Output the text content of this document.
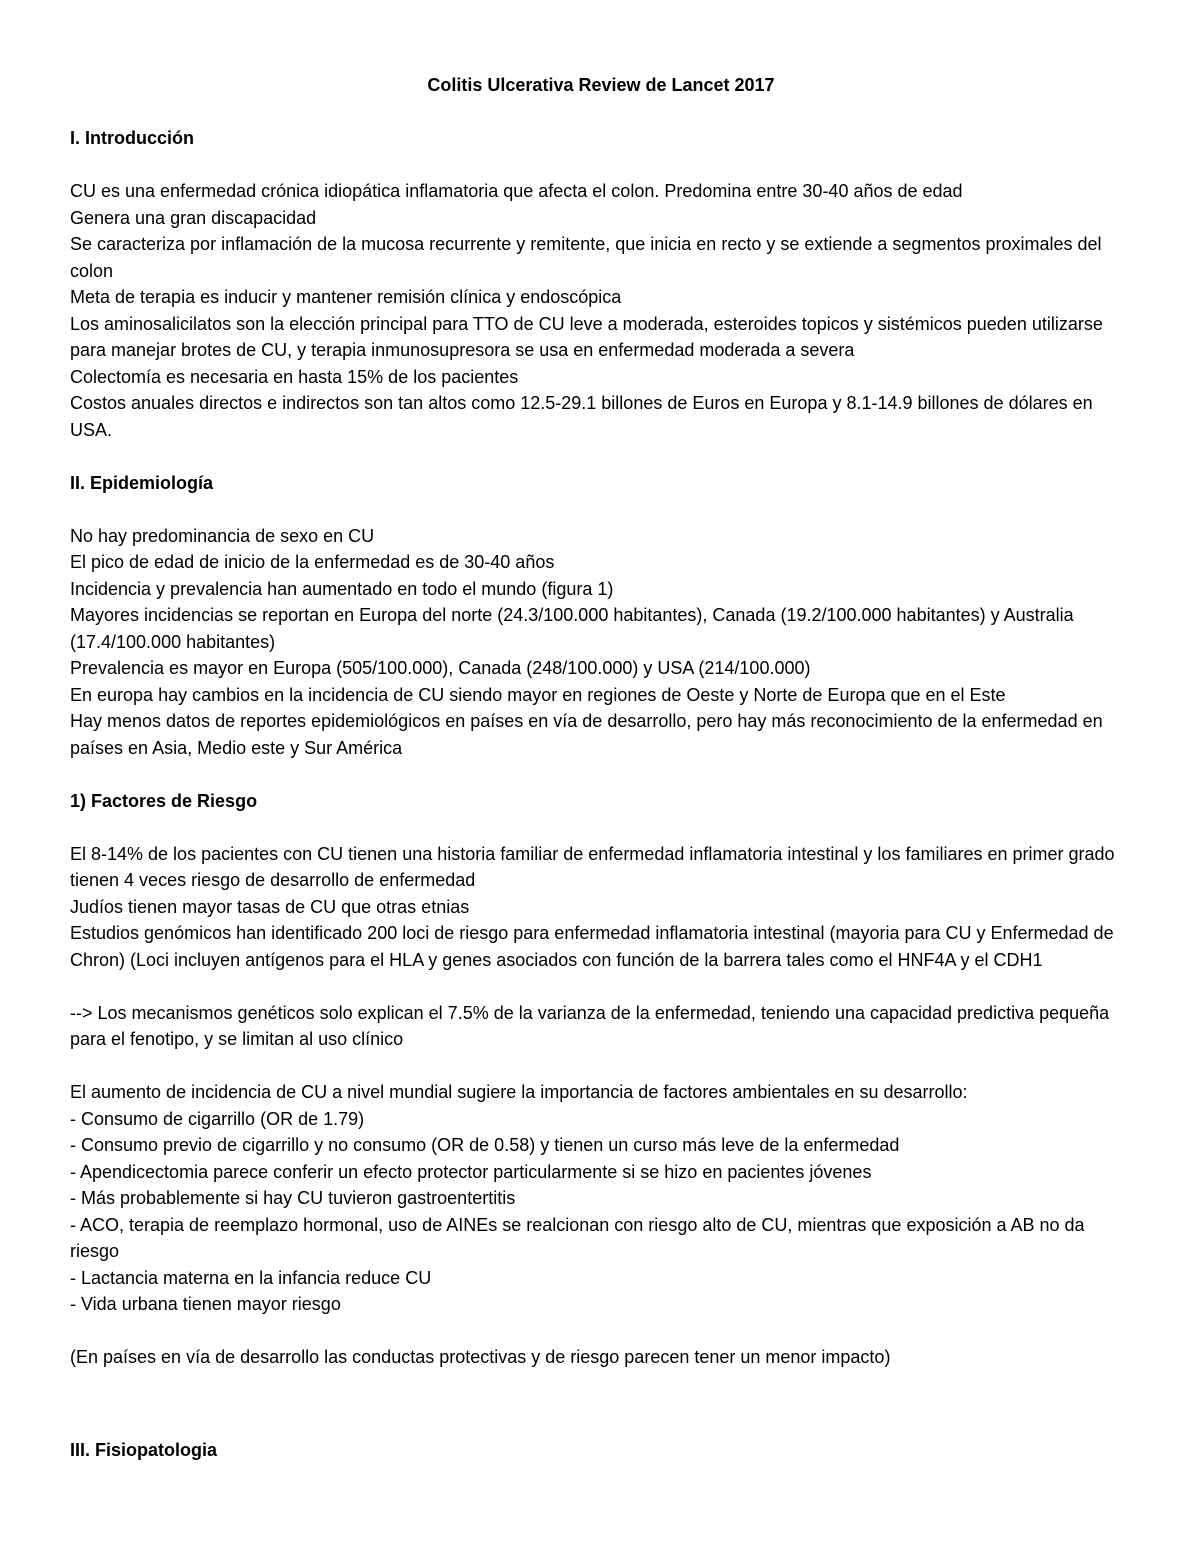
Colitis Ulcerativa Review de Lancet 2017

I. Introducción

CU es una enfermedad crónica idiopática inflamatoria que afecta el colon. Predomina entre 30-40 años de edad

Genera una gran discapacidad

Se caracteriza por inflamación de la mucosa recurrente y remitente, que inicia en recto y se extiende a segmentos proximales del colon

Meta de terapia es inducir y mantener remisión clínica y endoscópica

Los aminosalicilatos son la elección principal para TTO de CU leve a moderada, esteroides topicos y sistémicos pueden utilizarse para manejar brotes de CU, y terapia inmunosupresora se usa en enfermedad moderada a severa

Colectomía es necesaria en hasta 15% de los pacientes

Costos anuales directos e indirectos son tan altos como 12.5-29.1 billones de Euros en Europa y 8.1-14.9 billones de dólares en USA.

II. Epidemiología

No hay predominancia de sexo en CU

El pico de edad de inicio de la enfermedad es de 30-40 años

Incidencia y prevalencia han aumentado en todo el mundo (figura 1)

Mayores incidencias se reportan en Europa del norte (24.3/100.000 habitantes), Canada (19.2/100.000 habitantes) y Australia (17.4/100.000 habitantes)

Prevalencia es mayor en Europa (505/100.000), Canada (248/100.000) y USA (214/100.000)

En europa hay cambios en la incidencia de CU siendo mayor en regiones de Oeste y Norte de Europa que en el Este

Hay menos datos de reportes epidemiológicos en países en vía de desarrollo, pero hay más reconocimiento de la enfermedad en países en Asia, Medio este y Sur América

1) Factores de Riesgo

El 8-14% de los pacientes con CU tienen una historia familiar de enfermedad inflamatoria intestinal y los familiares en primer grado tienen 4 veces riesgo de desarrollo de enfermedad

Judíos tienen mayor tasas de CU que otras etnias

Estudios genómicos han identificado 200 loci de riesgo para enfermedad inflamatoria intestinal (mayoria para CU y Enfermedad de Chron) (Loci incluyen antígenos para el HLA y genes asociados con función de la barrera tales como el HNF4A y el CDH1

--> Los mecanismos genéticos solo explican el 7.5% de la varianza de la enfermedad, teniendo una capacidad predictiva pequeña para el fenotipo, y se limitan al uso clínico

El aumento de incidencia de CU a nivel mundial sugiere la importancia de factores ambientales en su desarrollo:

- Consumo de cigarrillo (OR de 1.79)

- Consumo previo de cigarrillo y no consumo (OR de 0.58) y tienen un curso más leve de la enfermedad

- Apendicectomia parece conferir un efecto protector particularmente si se hizo en pacientes jóvenes

- Más probablemente si hay CU tuvieron gastroentertitis

- ACO, terapia de reemplazo hormonal, uso de AINEs se realcionan con riesgo alto de CU, mientras que exposición a AB no da riesgo

- Lactancia materna en la infancia reduce CU

- Vida urbana tienen mayor riesgo

(En países en vía de desarrollo las conductas protectivas y de riesgo parecen tener un menor impacto)

III. Fisiopatologia
